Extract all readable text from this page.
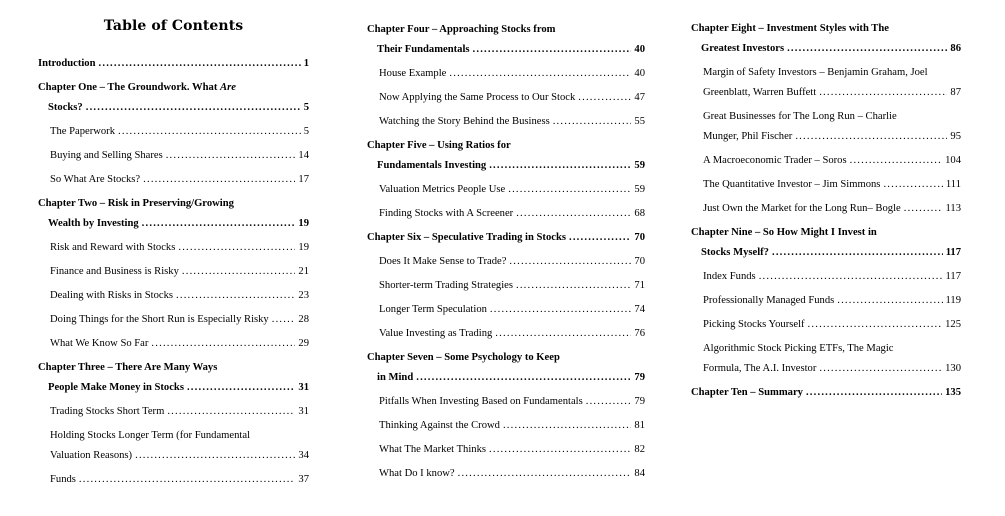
Table of Contents
Introduction .....	1
Chapter One – The Groundwork. What Are
Stocks? .....	5
The Paperwork .....	5
Buying and Selling Shares .....	14
So What Are Stocks? .....	17
Chapter Two – Risk in Preserving/Growing
Wealth by Investing .....	19
Risk and Reward with Stocks .....	19
Finance and Business is Risky .....	21
Dealing with Risks in Stocks .....	23
Doing Things for the Short Run is Especially Risky .....	28
What We Know So Far .....	29
Chapter Three – There Are Many Ways
People Make Money in Stocks .....	31
Trading Stocks Short Term .....	31
Holding Stocks Longer Term (for Fundamental
Valuation Reasons) .....	34
Funds .....	37
Chapter Four – Approaching Stocks from
Their Fundamentals .....	40
House Example .....	40
Now Applying the Same Process to Our Stock .....	47
Watching the Story Behind the Business .....	55
Chapter Five – Using Ratios for
Fundamentals Investing .....	59
Valuation Metrics People Use .....	59
Finding Stocks with A Screener .....	68
Chapter Six – Speculative Trading in Stocks .....	70
Does It Make Sense to Trade? .....	70
Shorter-term Trading Strategies .....	71
Longer Term Speculation .....	74
Value Investing as Trading .....	76
Chapter Seven – Some Psychology to Keep
in Mind .....	79
Pitfalls When Investing Based on Fundamentals .....	79
Thinking Against the Crowd .....	81
What The Market Thinks .....	82
What Do I know? .....	84
Chapter Eight – Investment Styles with The
Greatest Investors .....	86
Margin of Safety Investors – Benjamin Graham, Joel
Greenblatt, Warren Buffett .....	87
Great Businesses for The Long Run – Charlie
Munger, Phil Fischer .....	95
A Macroeconomic Trader – Soros .....	104
The Quantitative Investor – Jim Simmons .....	111
Just Own the Market for the Long Run– Bogle .....	113
Chapter Nine – So How Might I Invest in
Stocks Myself? .....	117
Index Funds .....	117
Professionally Managed Funds .....	119
Picking Stocks Yourself .....	125
Algorithmic Stock Picking ETFs, The Magic
Formula, The A.I. Investor .....	130
Chapter Ten – Summary .....	135
